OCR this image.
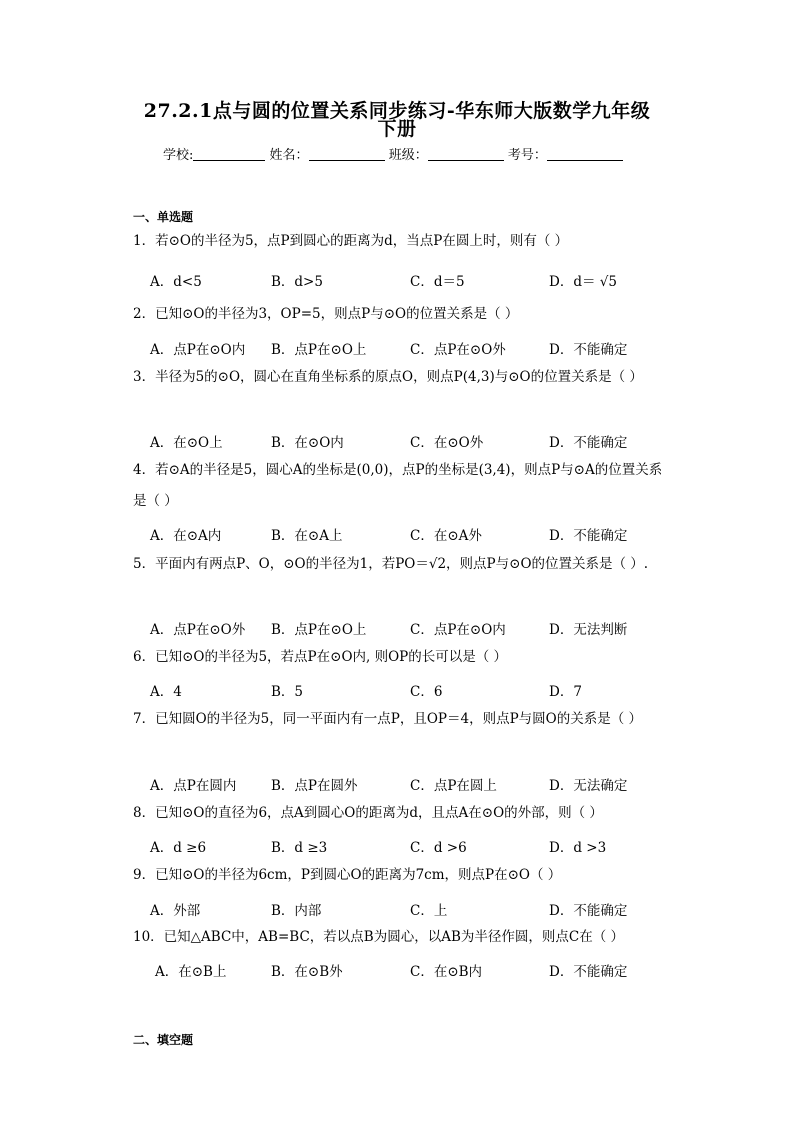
27.2.1点与圆的位置关系同步练习-华东师大版数学九年级
下册
学校:	姓名：	班级：	考号：
一、单选题
1．若⊙O的半径为5，点P到圆心的距离为d，当点P在圆上时，则有（ ）
A．d<5	B．d>5	C．d＝5	D．d＝ √5
2．已知⊙O的半径为3，OP=5，则点P与⊙O的位置关系是（ ）
A．点P在⊙O内 B．点P在⊙O上	C．点P在⊙O外	D．不能确定
3．半径为5的⊙O，圆心在直角坐标系的原点O，则点P(4,3)与⊙O的位置关系是（ ）
A．在⊙O上	B．在⊙O内	C．在⊙O外	D．不能确定
4．若⊙A的半径是5，圆心A的坐标是(0,0)，点P的坐标是(3,4)，则点P与⊙A的位置关系是（ ）
A．在⊙A内	B．在⊙A上	C．在⊙A外	D．不能确定
5．平面内有两点P、O，⊙O的半径为1，若PO＝√2，则点P与⊙O的位置关系是（ ）.
A．点P在⊙O外 B．点P在⊙O上	C．点P在⊙O内	D．无法判断
6．已知⊙O的半径为5，若点P在⊙O内, 则OP的长可以是（ ）
A．4	B．5	C．6	D．7
7．已知圆O的半径为5，同一平面内有一点P，且OP＝4，则点P与圆O的关系是（ ）
A．点P在圆内	B．点P在圆外	C．点P在圆上	D．无法确定
8．已知⊙O的直径为6，点A到圆心O的距离为d，且点A在⊙O的外部，则（ ）
A．d ≥6	B．d ≥3	C．d >6	D．d >3
9．已知⊙O的半径为6cm，P到圆心O的距离为7cm，则点P在⊙O（ ）
A．外部	B．内部	C．上	D．不能确定
10．已知△ABC中，AB=BC，若以点B为圆心，以AB为半径作圆，则点C在（ ）
A．在⊙B上	B．在⊙B外	C．在⊙B内	D．不能确定
二、填空题
